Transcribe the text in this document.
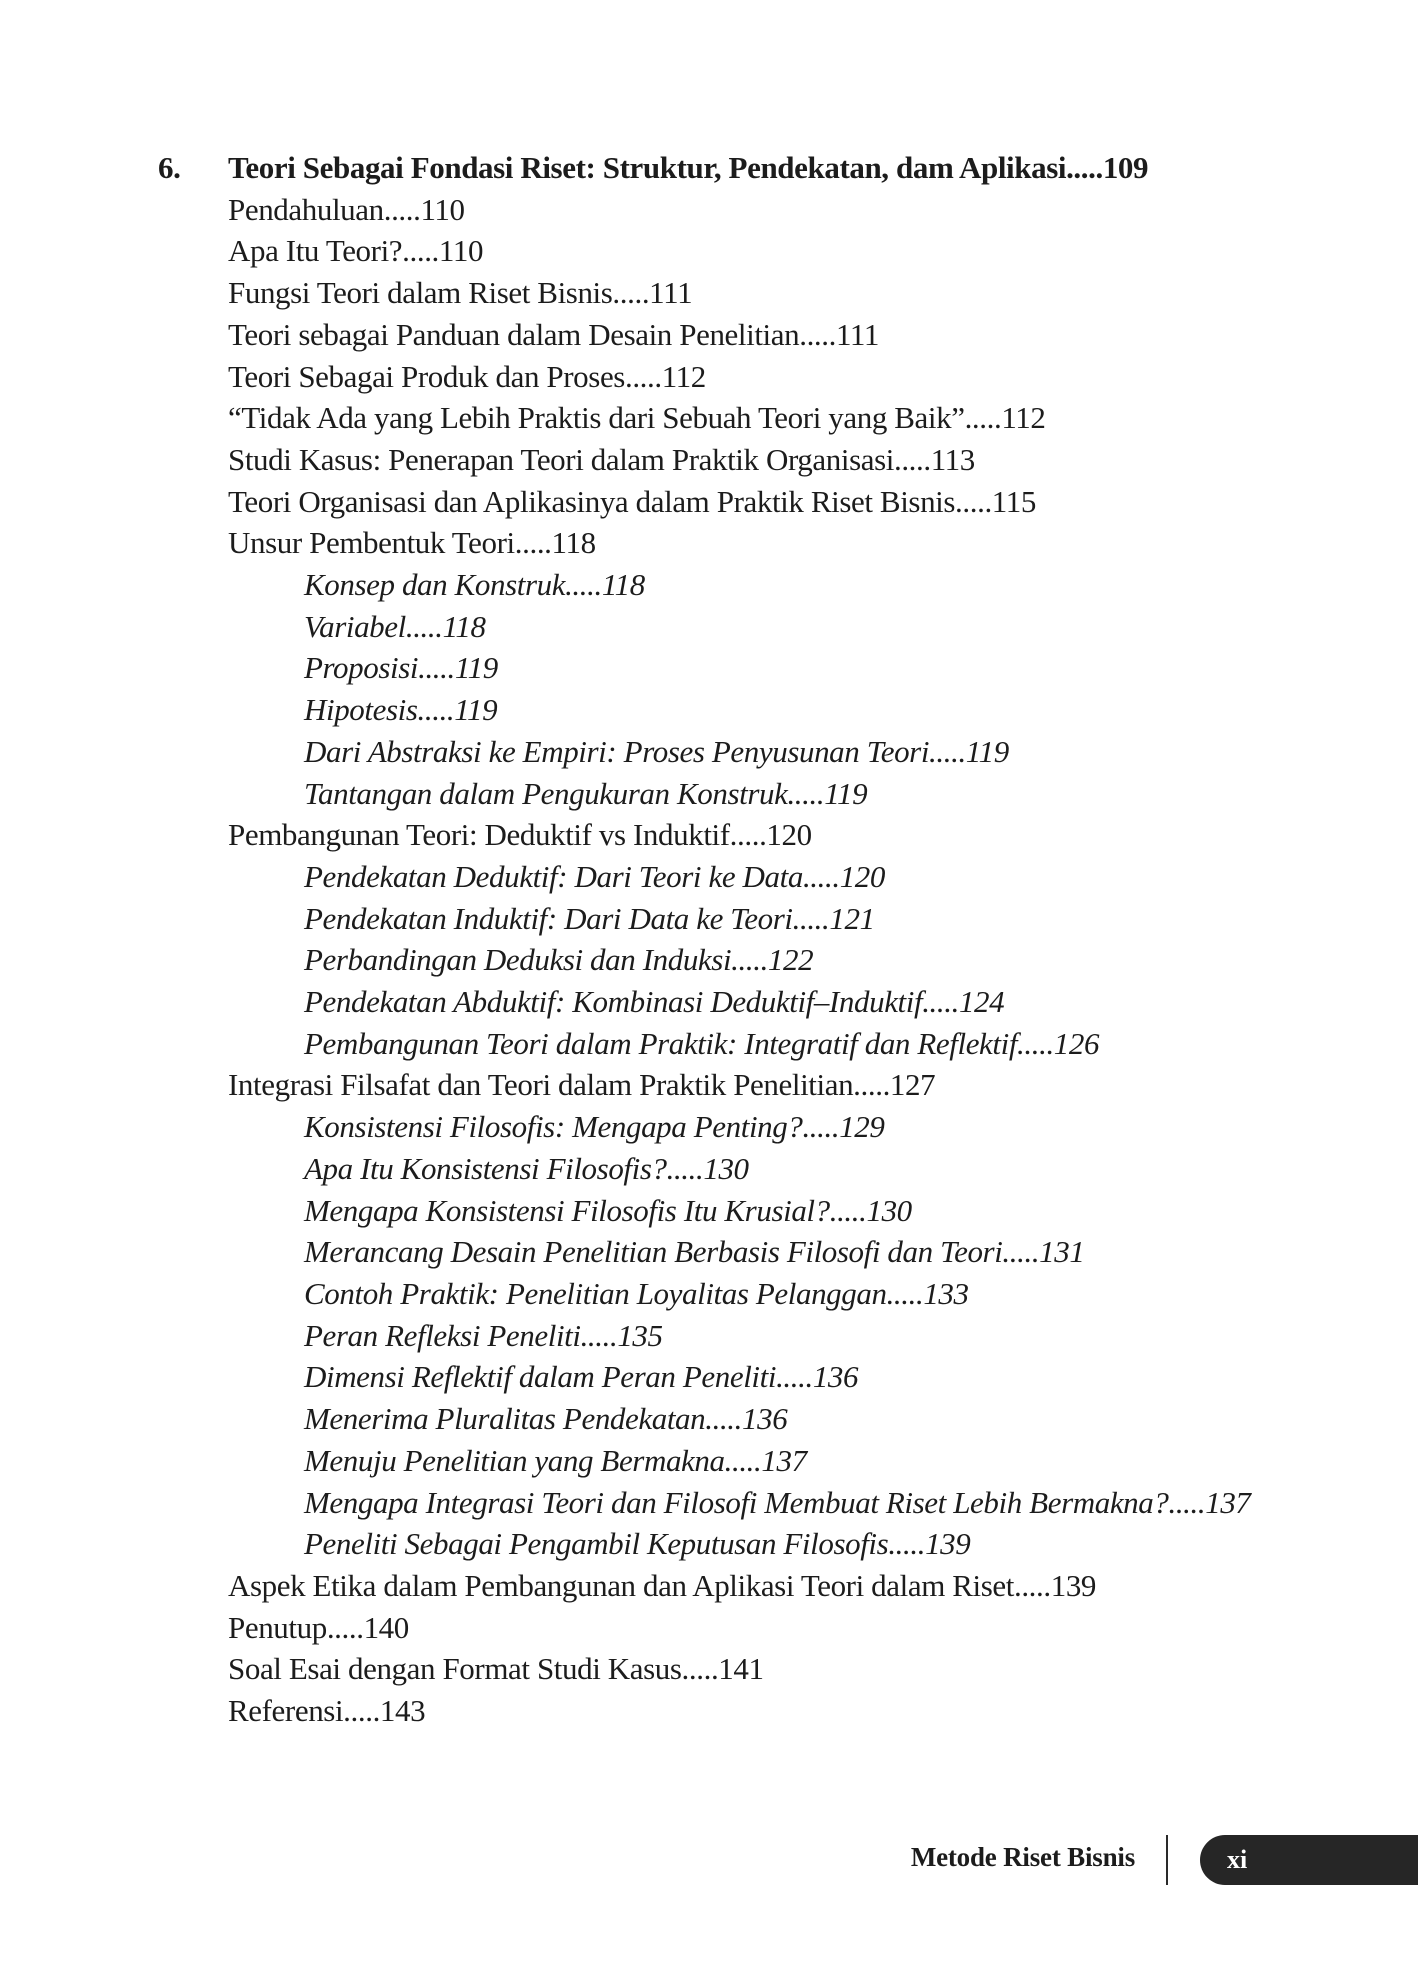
6. Teori Sebagai Fondasi Riset: Struktur, Pendekatan, dam Aplikasi.....109
Pendahuluan.....110
Apa Itu Teori?.....110
Fungsi Teori dalam Riset Bisnis.....111
Teori sebagai Panduan dalam Desain Penelitian.....111
Teori Sebagai Produk dan Proses.....112
“Tidak Ada yang Lebih Praktis dari Sebuah Teori yang Baik”.....112
Studi Kasus: Penerapan Teori dalam Praktik Organisasi.....113
Teori Organisasi dan Aplikasinya dalam Praktik Riset Bisnis.....115
Unsur Pembentuk Teori.....118
Konsep dan Konstruk.....118
Variabel.....118
Proposisi.....119
Hipotesis.....119
Dari Abstraksi ke Empiri: Proses Penyusunan Teori.....119
Tantangan dalam Pengukuran Konstruk.....119
Pembangunan Teori: Deduktif vs Induktif.....120
Pendekatan Deduktif: Dari Teori ke Data.....120
Pendekatan Induktif: Dari Data ke Teori.....121
Perbandingan Deduksi dan Induksi.....122
Pendekatan Abduktif: Kombinasi Deduktif–Induktif.....124
Pembangunan Teori dalam Praktik: Integratif dan Reflektif.....126
Integrasi Filsafat dan Teori dalam Praktik Penelitian.....127
Konsistensi Filosofis: Mengapa Penting?.....129
Apa Itu Konsistensi Filosofis?.....130
Mengapa Konsistensi Filosofis Itu Krusial?.....130
Merancang Desain Penelitian Berbasis Filosofi dan Teori.....131
Contoh Praktik: Penelitian Loyalitas Pelanggan.....133
Peran Refleksi Peneliti.....135
Dimensi Reflektif dalam Peran Peneliti.....136
Menerima Pluralitas Pendekatan.....136
Menuju Penelitian yang Bermakna.....137
Mengapa Integrasi Teori dan Filosofi Membuat Riset Lebih Bermakna?.....137
Peneliti Sebagai Pengambil Keputusan Filosofis.....139
Aspek Etika dalam Pembangunan dan Aplikasi Teori dalam Riset.....139
Penutup.....140
Soal Esai dengan Format Studi Kasus.....141
Referensi.....143
Metode Riset Bisnis	xi
